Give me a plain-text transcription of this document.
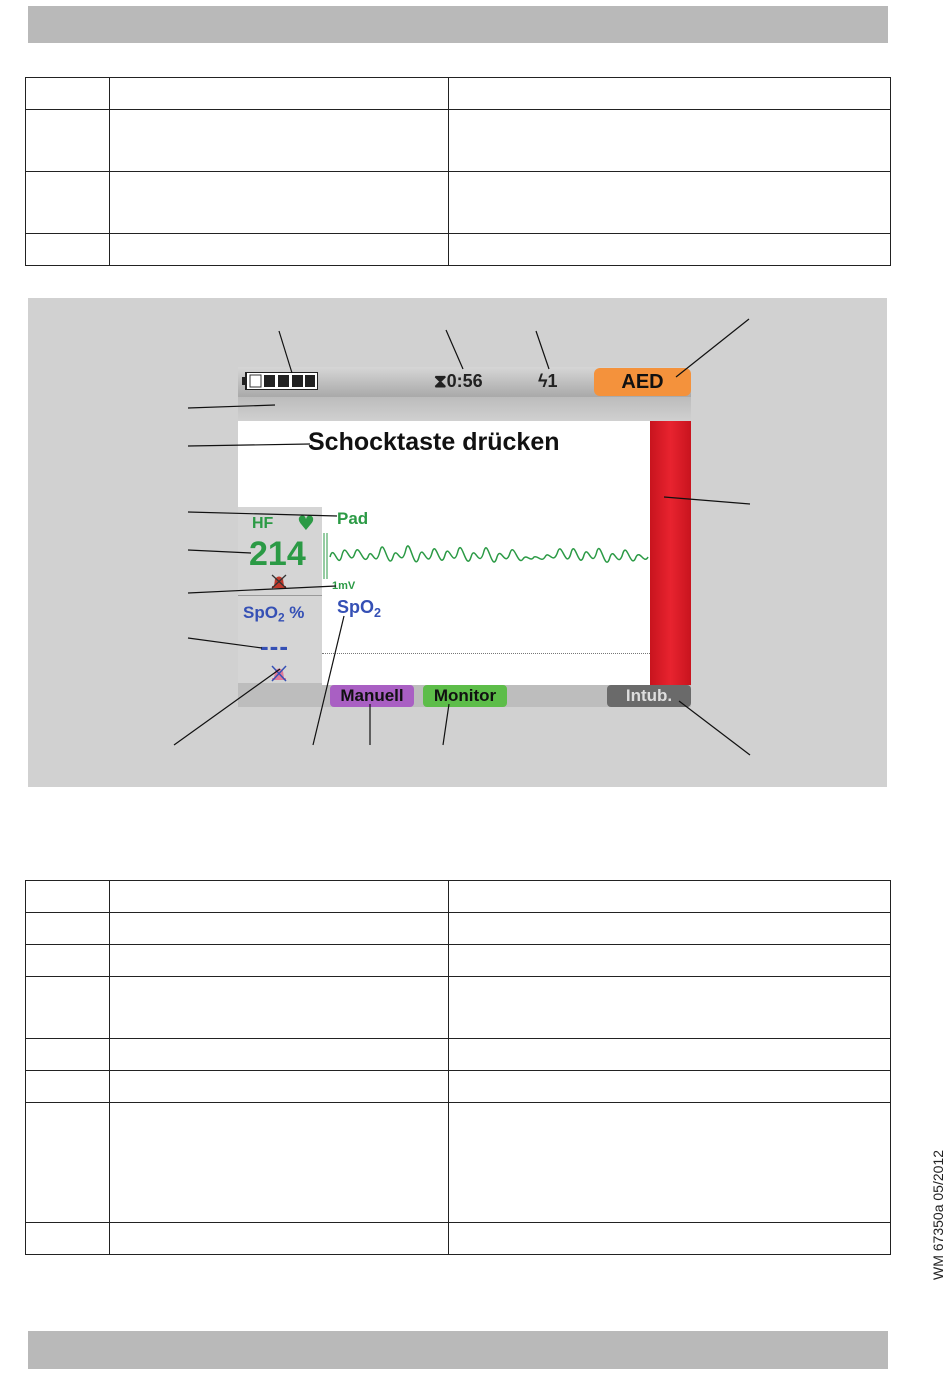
⧗0:56	ϟ1	AED
Schocktaste drücken
HF ♥
214
SpO$_2$ %
---
Pad
1mV
SpO$_2$
Manuell	Monitor	Intub.

WM 67350a 05/2012
